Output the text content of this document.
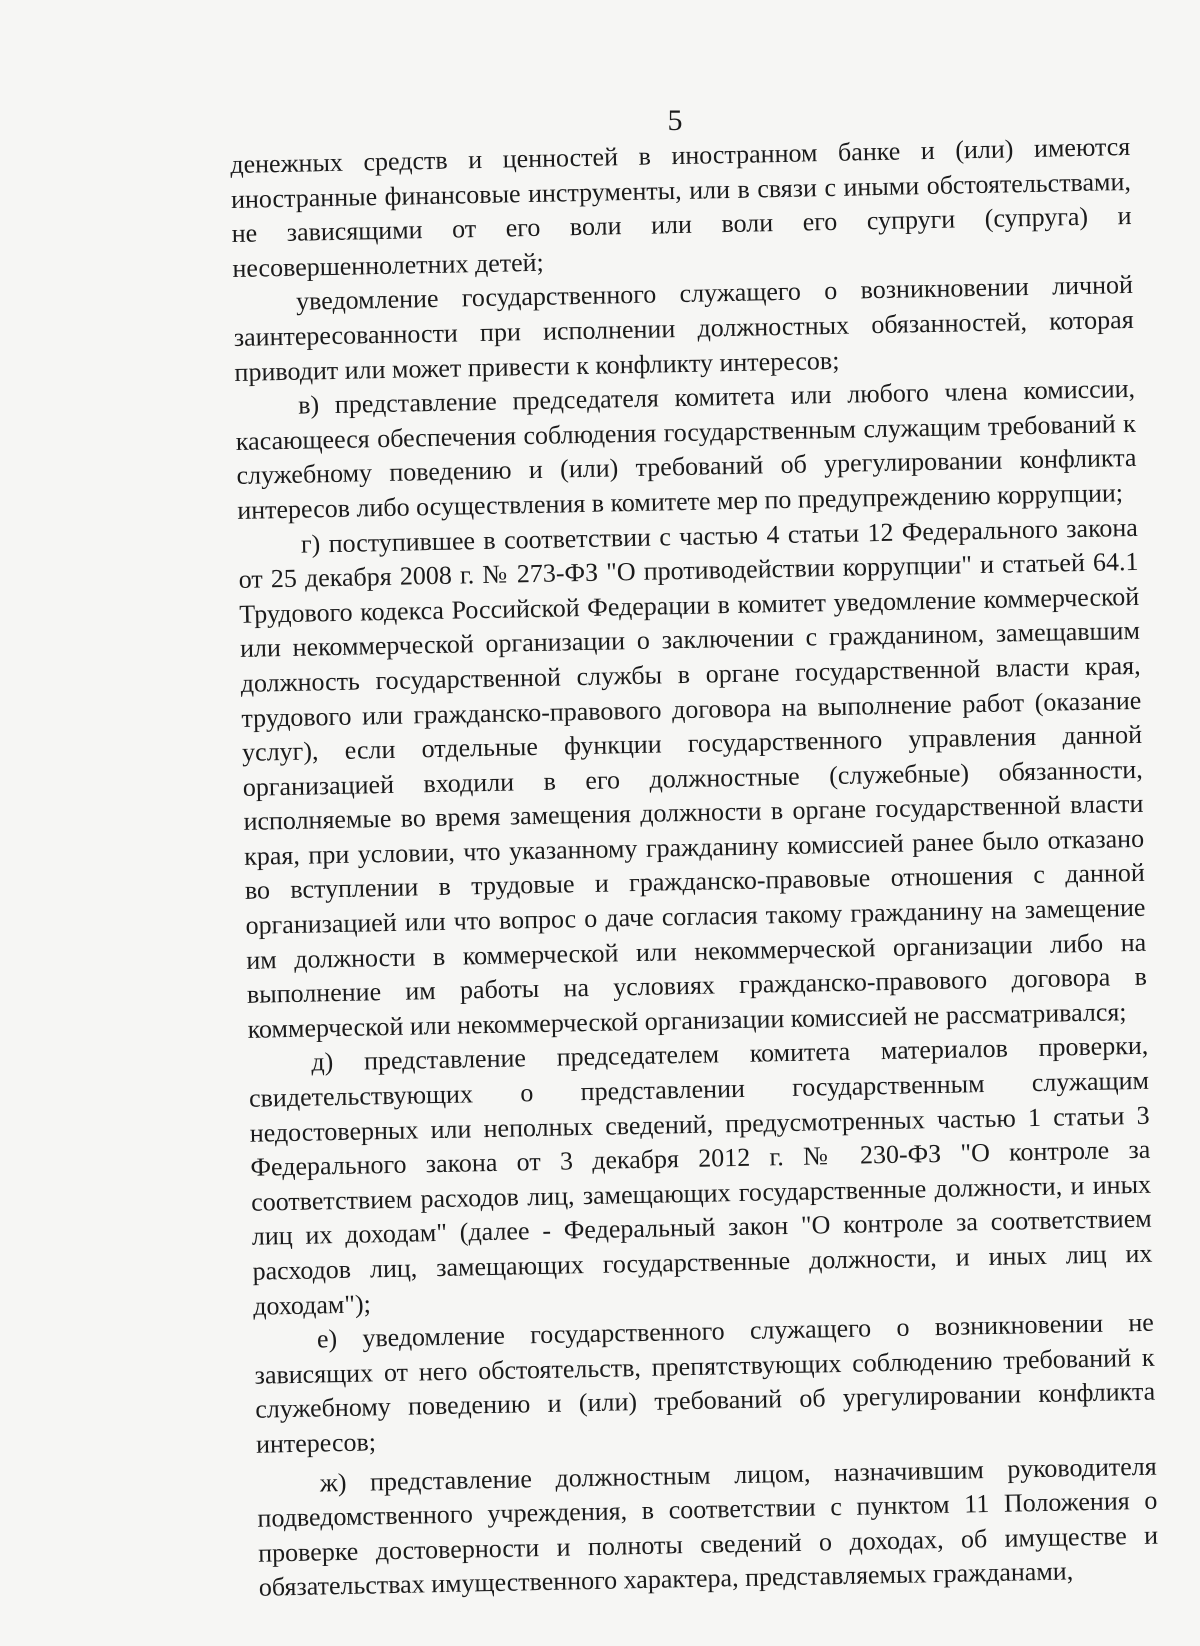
5

денежных средств и ценностей в иностранном банке и (или) имеются иностранные финансовые инструменты, или в связи с иными обстоятельствами, не зависящими от его воли или воли его супруги (супруга) и несовершеннолетних детей;

уведомление государственного служащего о возникновении личной заинтересованности при исполнении должностных обязанностей, которая приводит или может привести к конфликту интересов;

в) представление председателя комитета или любого члена комиссии, касающееся обеспечения соблюдения государственным служащим требований к служебному поведению и (или) требований об урегулировании конфликта интересов либо осуществления в комитете мер по предупреждению коррупции;

г) поступившее в соответствии с частью 4 статьи 12 Федерального закона от 25 декабря 2008 г. № 273-ФЗ "О противодействии коррупции" и статьей 64.1 Трудового кодекса Российской Федерации в комитет уведомление коммерческой или некоммерческой организации о заключении с гражданином, замещавшим должность государственной службы в органе государственной власти края, трудового или гражданско-правового договора на выполнение работ (оказание услуг), если отдельные функции государственного управления данной организацией входили в его должностные (служебные) обязанности, исполняемые во время замещения должности в органе государственной власти края, при условии, что указанному гражданину комиссией ранее было отказано во вступлении в трудовые и гражданско-правовые отношения с данной организацией или что вопрос о даче согласия такому гражданину на замещение им должности в коммерческой или некоммерческой организации либо на выполнение им работы на условиях гражданско-правового договора в коммерческой или некоммерческой организации комиссией не рассматривался;

д) представление председателем комитета материалов проверки, свидетельствующих о представлении государственным служащим недостоверных или неполных сведений, предусмотренных частью 1 статьи 3 Федерального закона от 3 декабря 2012 г. № 230-ФЗ "О контроле за соответствием расходов лиц, замещающих государственные должности, и иных лиц их доходам" (далее - Федеральный закон "О контроле за соответствием расходов лиц, замещающих государственные должности, и иных лиц их доходам");

е) уведомление государственного служащего о возникновении не зависящих от него обстоятельств, препятствующих соблюдению требований к служебному поведению и (или) требований об урегулировании конфликта интересов;

ж) представление должностным лицом, назначившим руководителя подведомственного учреждения, в соответствии с пунктом 11 Положения о проверке достоверности и полноты сведений о доходах, об имуществе и обязательствах имущественного характера, представляемых гражданами,
